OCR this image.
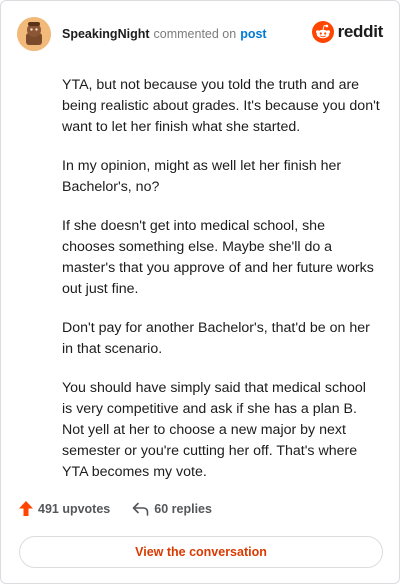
SpeakingNight commented on post	reddit

YTA, but not because you told the truth and are being realistic about grades. It's because you don't want to let her finish what she started.

In my opinion, might as well let her finish her Bachelor's, no?

If she doesn't get into medical school, she chooses something else. Maybe she'll do a master's that you approve of and her future works out just fine.

Don't pay for another Bachelor's, that'd be on her in that scenario.

You should have simply said that medical school is very competitive and ask if she has a plan B. Not yell at her to choose a new major by next semester or you're cutting her off. That's where YTA becomes my vote.

491 upvotes	60 replies
View the conversation
